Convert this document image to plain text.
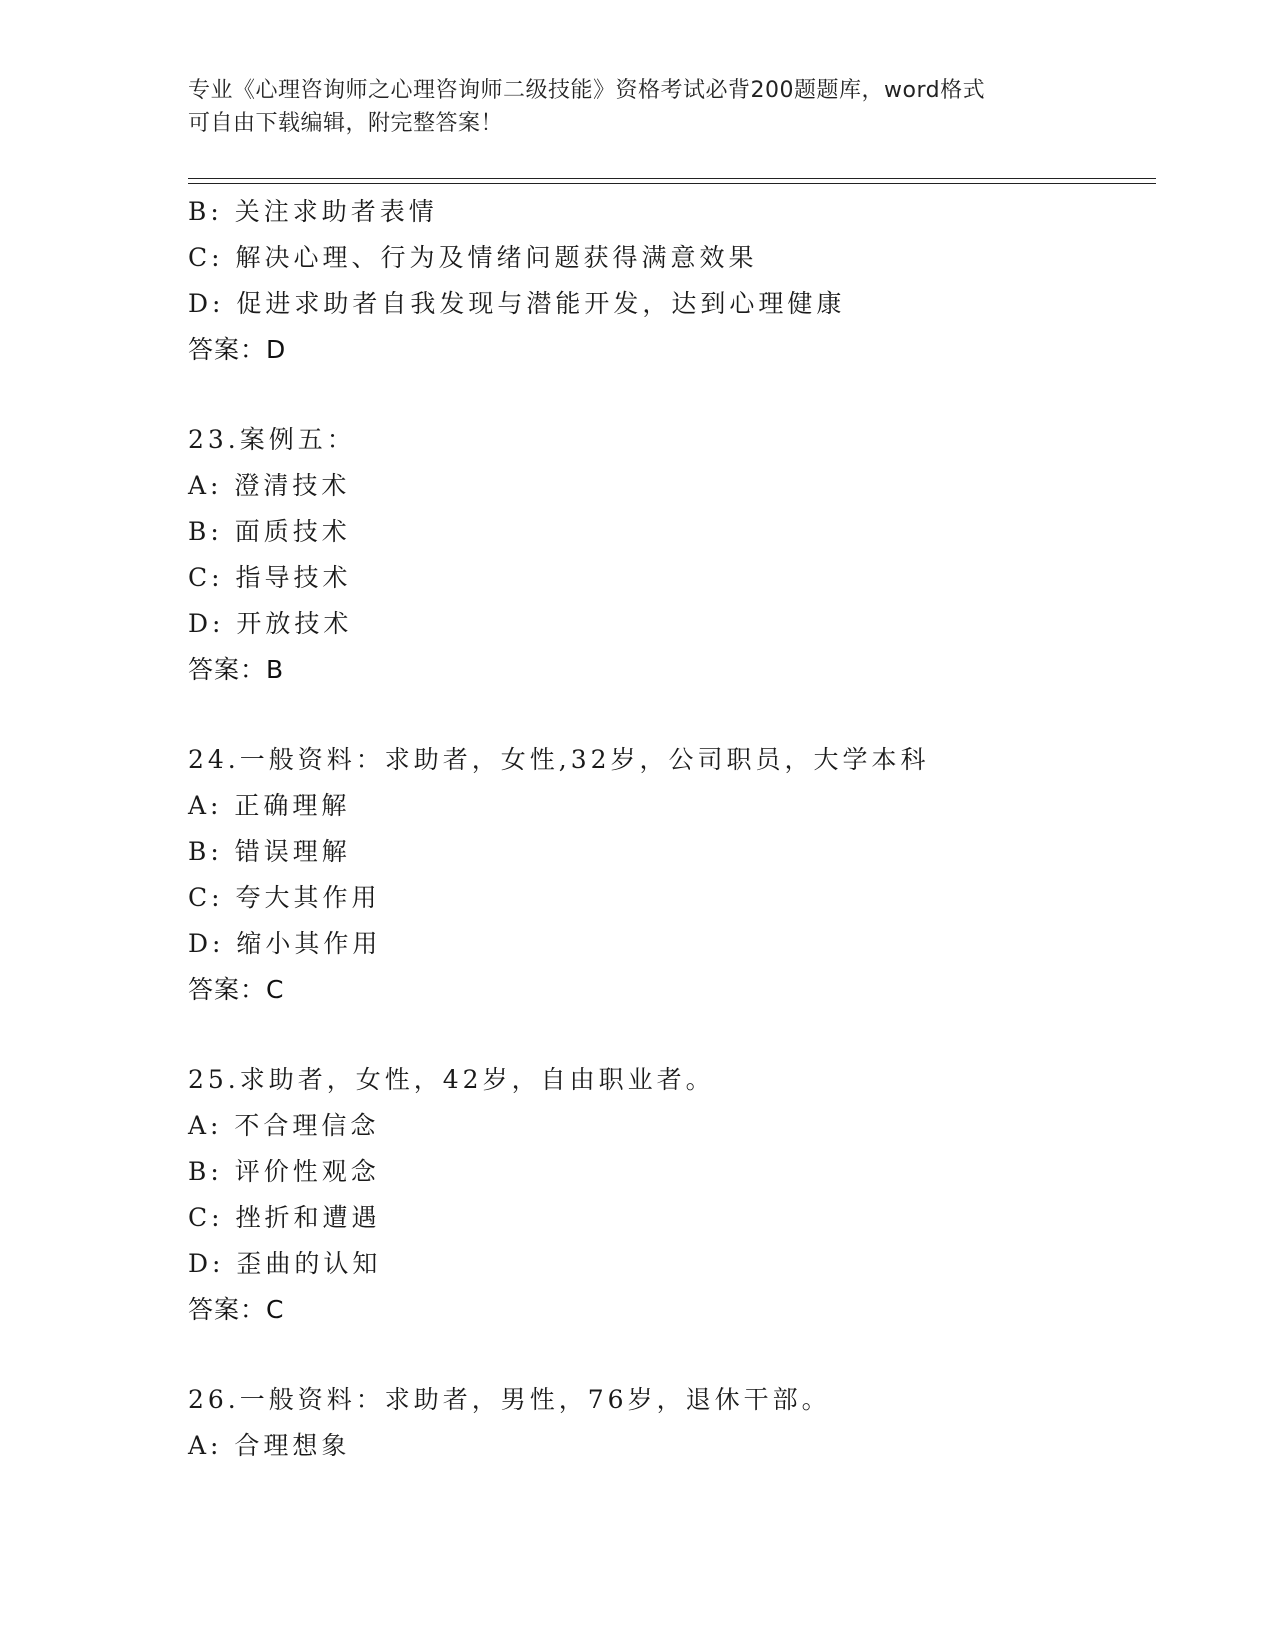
专业《心理咨询师之心理咨询师二级技能》资格考试必背200题题库，word格式
可自由下载编辑，附完整答案！
B: 关注求助者表情
C: 解决心理、行为及情绪问题获得满意效果
D: 促进求助者自我发现与潜能开发，达到心理健康
答案：D
23.案例五：
A: 澄清技术
B: 面质技术
C: 指导技术
D: 开放技术
答案：B
24.一般资料：求助者，女性,32岁，公司职员，大学本科
A: 正确理解
B: 错误理解
C: 夸大其作用
D: 缩小其作用
答案：C
25.求助者，女性，42岁，自由职业者。
A: 不合理信念
B: 评价性观念
C: 挫折和遭遇
D: 歪曲的认知
答案：C
26.一般资料：求助者，男性，76岁，退休干部。
A: 合理想象
